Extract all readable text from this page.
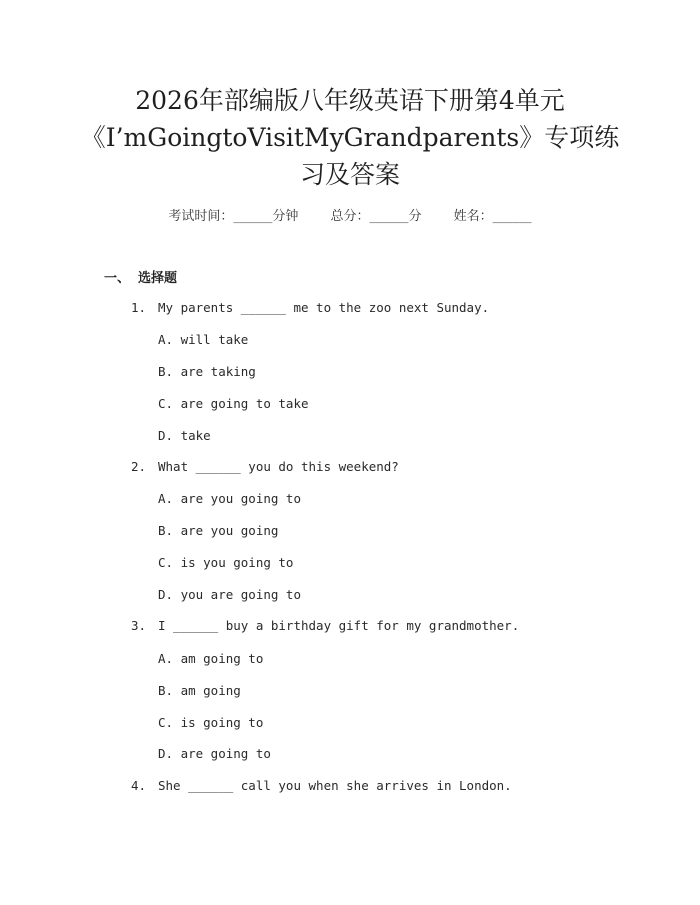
2026年部编版八年级英语下册第4单元
《I’mGoingtoVisitMyGrandparents》专项练
习及答案
考试时间：______分钟 总分：______分 姓名：______
一、 选择题
1. My parents ______ me to the zoo next Sunday.
A. will take
B. are taking
C. are going to take
D. take
2. What ______ you do this weekend?
A. are you going to
B. are you going
C. is you going to
D. you are going to
3. I ______ buy a birthday gift for my grandmother.
A. am going to
B. am going
C. is going to
D. are going to
4. She ______ call you when she arrives in London.
